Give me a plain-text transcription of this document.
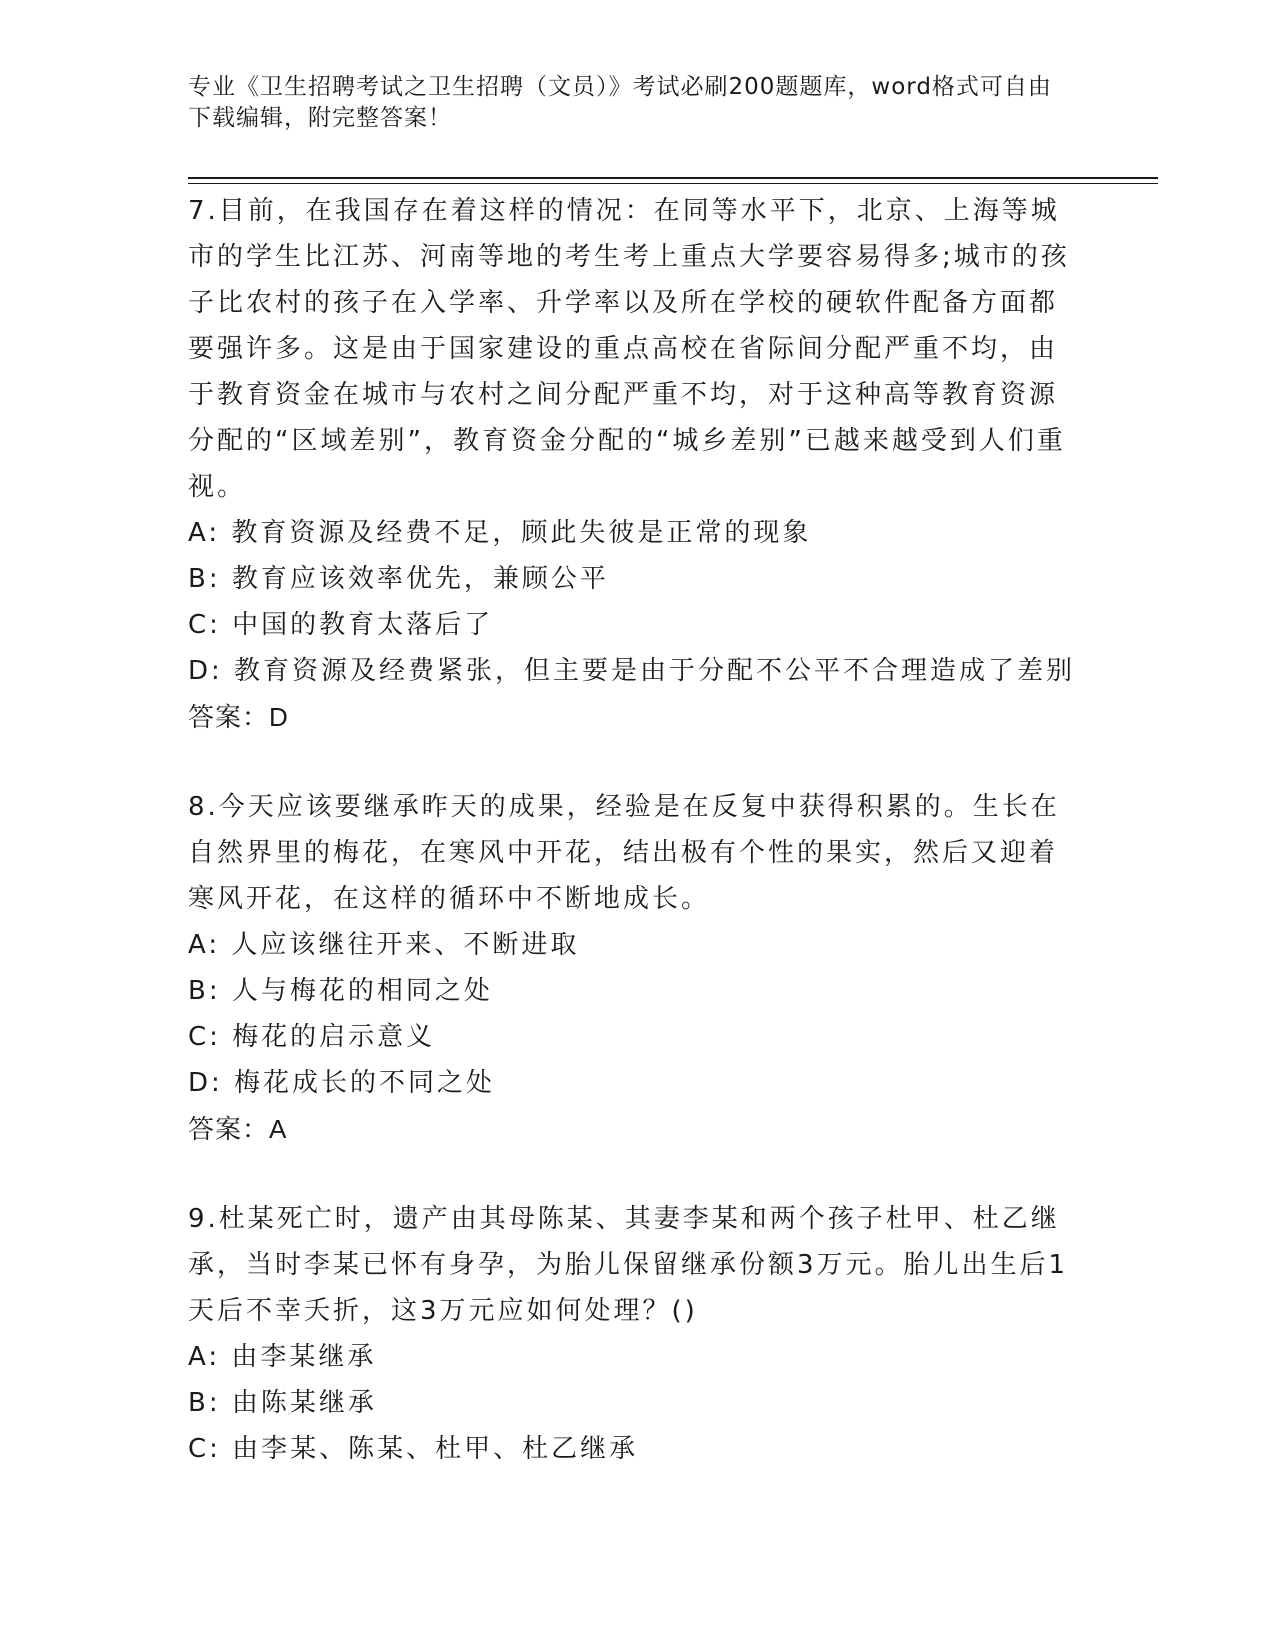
专业《卫生招聘考试之卫生招聘（文员）》考试必刷200题题库，word格式可自由下载编辑，附完整答案！

7.目前，在我国存在着这样的情况：在同等水平下，北京、上海等城市的学生比江苏、河南等地的考生考上重点大学要容易得多;城市的孩子比农村的孩子在入学率、升学率以及所在学校的硬软件配备方面都要强许多。这是由于国家建设的重点高校在省际间分配严重不均，由于教育资金在城市与农村之间分配严重不均，对于这种高等教育资源分配的“区域差别”，教育资金分配的“城乡差别”已越来越受到人们重视。

A: 教育资源及经费不足，顾此失彼是正常的现象

B: 教育应该效率优先，兼顾公平

C: 中国的教育太落后了

D: 教育资源及经费紧张，但主要是由于分配不公平不合理造成了差别

答案：D

8.今天应该要继承昨天的成果，经验是在反复中获得积累的。生长在自然界里的梅花，在寒风中开花，结出极有个性的果实，然后又迎着寒风开花，在这样的循环中不断地成长。

A: 人应该继往开来、不断进取

B: 人与梅花的相同之处

C: 梅花的启示意义

D: 梅花成长的不同之处

答案：A

9.杜某死亡时，遗产由其母陈某、其妻李某和两个孩子杜甲、杜乙继承，当时李某已怀有身孕，为胎儿保留继承份额3万元。胎儿出生后1天后不幸夭折，这3万元应如何处理？()

A: 由李某继承

B: 由陈某继承

C: 由李某、陈某、杜甲、杜乙继承
